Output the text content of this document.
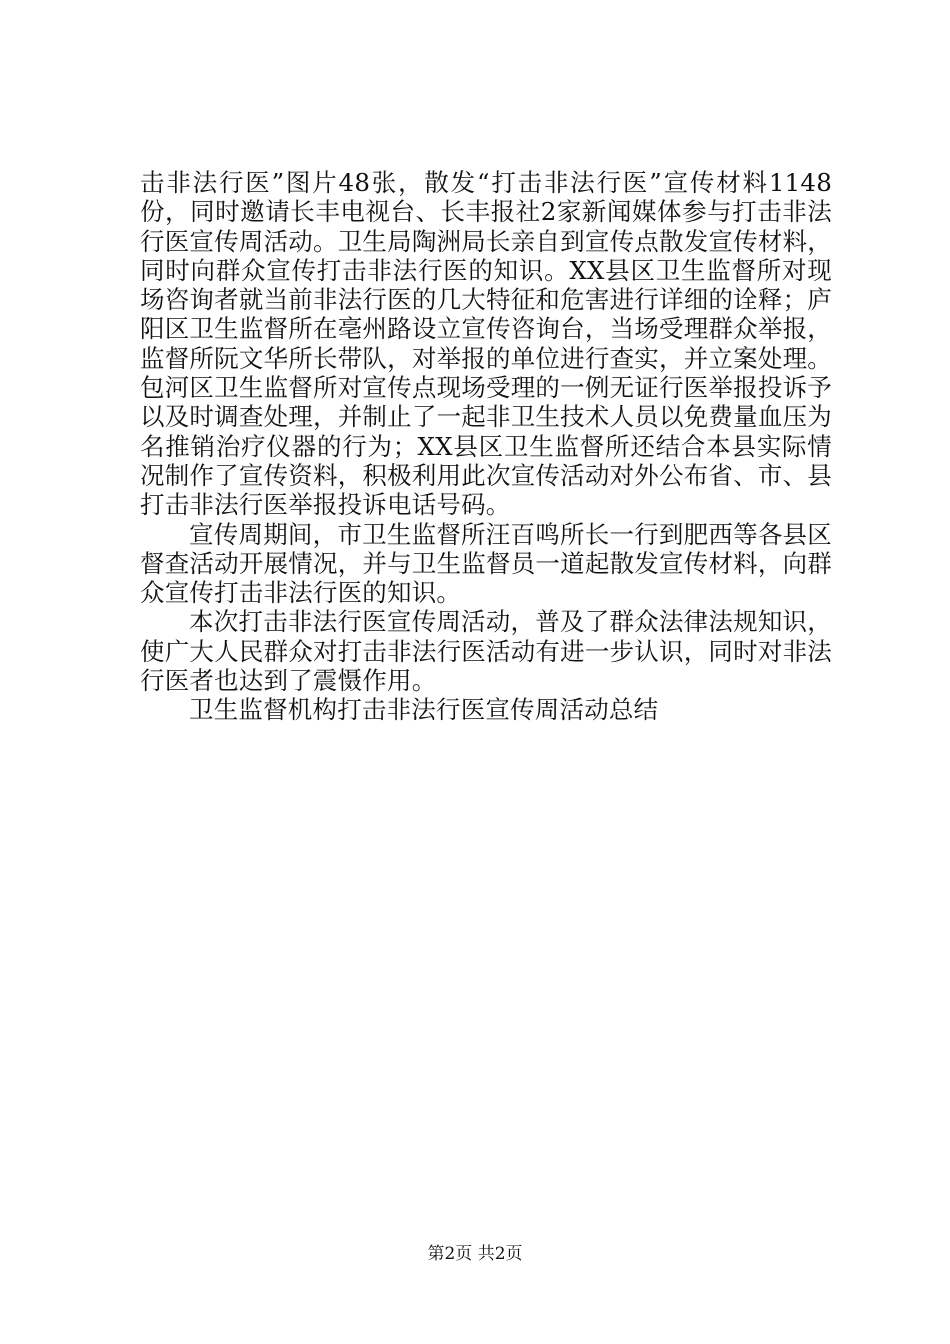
击非法行医”图片48张，散发“打击非法行医”宣传材料1148份，同时邀请长丰电视台、长丰报社2家新闻媒体参与打击非法行医宣传周活动。卫生局陶洲局长亲自到宣传点散发宣传材料，同时向群众宣传打击非法行医的知识。XX县区卫生监督所对现场咨询者就当前非法行医的几大特征和危害进行详细的诠释；庐阳区卫生监督所在亳州路设立宣传咨询台，当场受理群众举报，监督所阮文华所长带队，对举报的单位进行查实，并立案处理。包河区卫生监督所对宣传点现场受理的一例无证行医举报投诉予以及时调查处理，并制止了一起非卫生技术人员以免费量血压为名推销治疗仪器的行为；XX县区卫生监督所还结合本县实际情况制作了宣传资料，积极利用此次宣传活动对外公布省、市、县打击非法行医举报投诉电话号码。

宣传周期间，市卫生监督所汪百鸣所长一行到肥西等各县区督查活动开展情况，并与卫生监督员一道起散发宣传材料，向群众宣传打击非法行医的知识。

本次打击非法行医宣传周活动，普及了群众法律法规知识，使广大人民群众对打击非法行医活动有进一步认识，同时对非法行医者也达到了震慑作用。

卫生监督机构打击非法行医宣传周活动总结

第2页 共2页
